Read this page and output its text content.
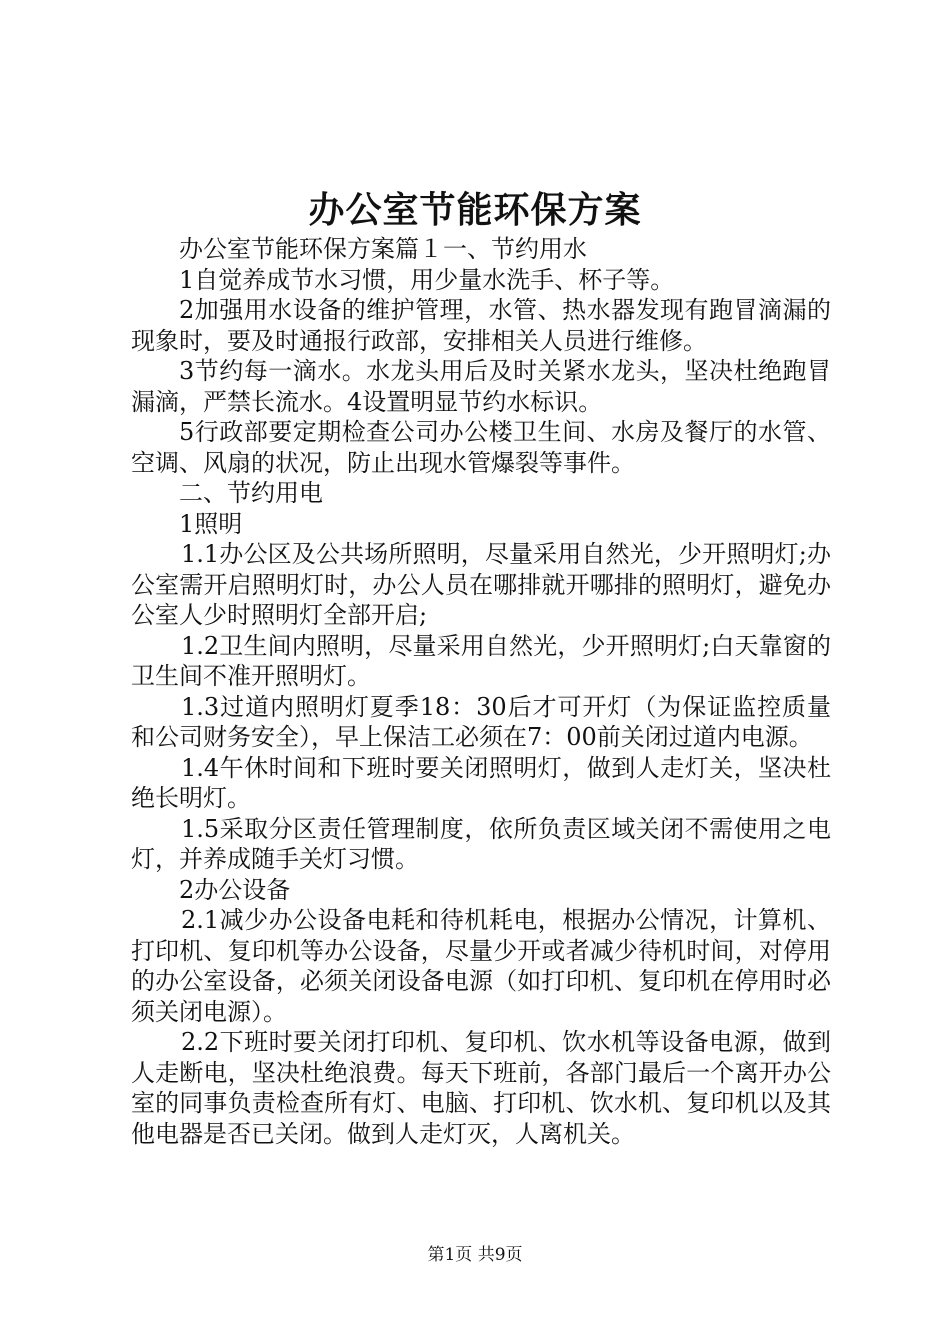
办公室节能环保方案

办公室节能环保方案篇１一、节约用水

1自觉养成节水习惯，用少量水洗手、杯子等。

2加强用水设备的维护管理，水管、热水器发现有跑冒滴漏的现象时，要及时通报行政部，安排相关人员进行维修。

3节约每一滴水。水龙头用后及时关紧水龙头，坚决杜绝跑冒漏滴，严禁长流水。4设置明显节约水标识。

5行政部要定期检查公司办公楼卫生间、水房及餐厅的水管、空调、风扇的状况，防止出现水管爆裂等事件。

二、节约用电

1照明

1.1办公区及公共场所照明，尽量采用自然光，少开照明灯;办公室需开启照明灯时，办公人员在哪排就开哪排的照明灯，避免办公室人少时照明灯全部开启;

1.2卫生间内照明，尽量采用自然光，少开照明灯;白天靠窗的卫生间不准开照明灯。

1.3过道内照明灯夏季18：30后才可开灯（为保证监控质量和公司财务安全），早上保洁工必须在7：00前关闭过道内电源。

1.4午休时间和下班时要关闭照明灯，做到人走灯关，坚决杜绝长明灯。

1.5采取分区责任管理制度，依所负责区域关闭不需使用之电灯，并养成随手关灯习惯。

2办公设备

2.1减少办公设备电耗和待机耗电，根据办公情况，计算机、打印机、复印机等办公设备，尽量少开或者减少待机时间，对停用的办公室设备，必须关闭设备电源（如打印机、复印机在停用时必须关闭电源）。

2.2下班时要关闭打印机、复印机、饮水机等设备电源，做到人走断电，坚决杜绝浪费。每天下班前，各部门最后一个离开办公室的同事负责检查所有灯、电脑、打印机、饮水机、复印机以及其他电器是否已关闭。做到人走灯灭，人离机关。

第1页 共9页
